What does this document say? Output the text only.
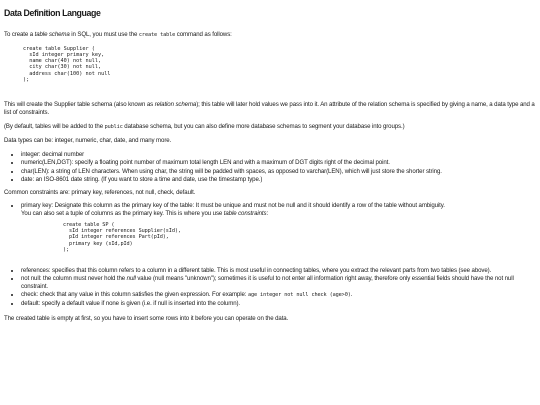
Data Definition Language

To create a table schema in SQL, you must use the create table command as follows:

create table Supplier (
sId integer primary key,
name char(40) not null,
city char(30) not null,
address char(100) not null
);

This will create the Supplier table schema (also known as relation schema); this table will later hold values we pass into it. An attribute of the relation schema is specified by giving a name, a data type and a list of constraints.

(By default, tables will be added to the public database schema, but you can also define more database schemas to segment your database into groups.)

Data types can be: integer, numeric, char, date, and many more.

• integer: decimal number
• numeric(LEN,DGT): specify a floating point number of maximum total length LEN and with a maximum of DGT digits right of the decimal point.
• char(LEN): a string of LEN characters. When using char, the string will be padded with spaces, as opposed to varchar(LEN), which will just store the shorter string.
• date: an ISO-8601 date string. (If you want to store a time and date, use the timestamp type.)

Common constraints are: primary key, references, not null, check, default.

• primary key: Designate this column as the primary key of the table: It must be unique and must not be null and it should identify a row of the table without ambiguity.
You can also set a tuple of columns as the primary key. This is where you use table constraints:
create table SP (
sId integer references Supplier(sId),
pId integer references Part(pId),
primary key (sId,pId)
);
• references: specifies that this column refers to a column in a different table. This is most useful in connecting tables, where you extract the relevant parts from two tables (see above).
• not null: the column must never hold the null value (null means "unknown"); sometimes it is useful to not enter all information right away, therefore only essential fields should have the not null constraint.
• check: check that any value in this column satisfies the given expression. For example: age integer not null check (age>0).
• default: specify a default value if none is given (i.e. if null is inserted into the column).

The created table is empty at first, so you have to insert some rows into it before you can operate on the data.
